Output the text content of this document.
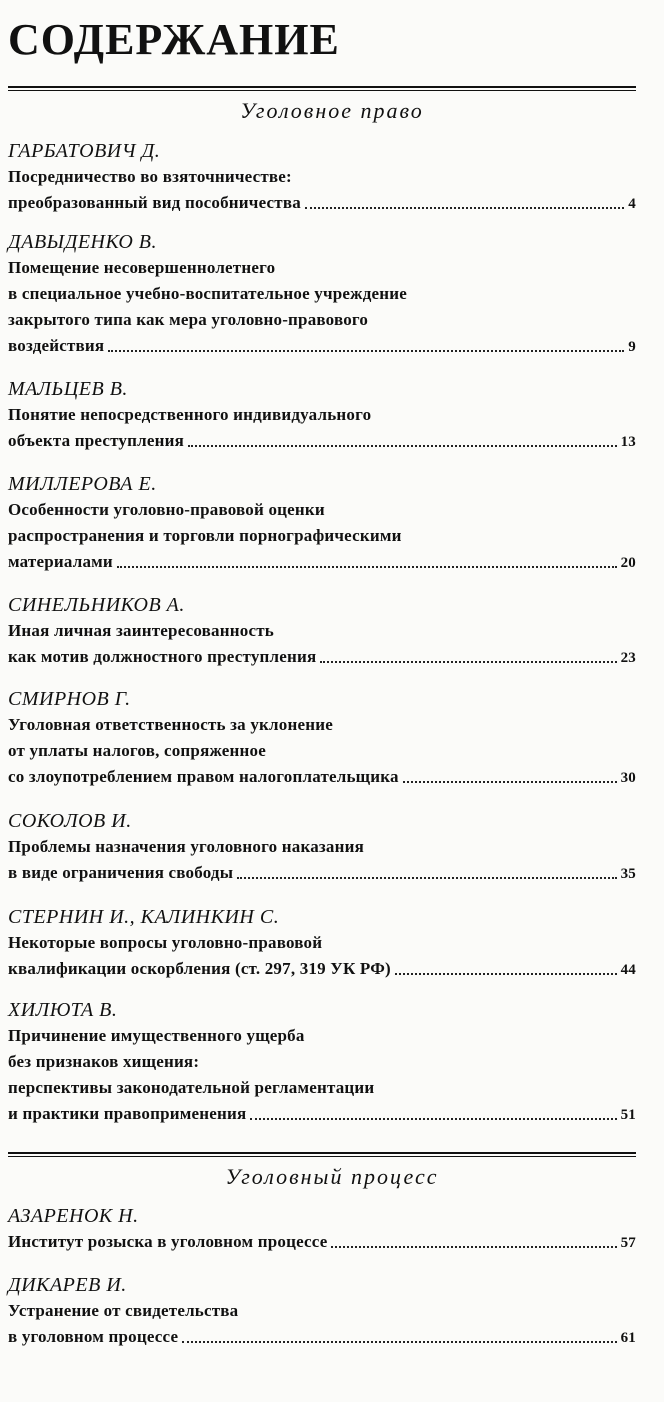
СОДЕРЖАНИЕ
Уголовное право
ГАРБАТОВИЧ Д.
Посредничество во взяточничестве:
преобразованный вид пособничества	4
ДАВЫДЕНКО В.
Помещение несовершеннолетнего
в специальное учебно-воспитательное учреждение
закрытого типа как мера уголовно-правового
воздействия	9
МАЛЬЦЕВ В.
Понятие непосредственного индивидуального
объекта преступления	13
МИЛЛЕРОВА Е.
Особенности уголовно-правовой оценки
распространения и торговли порнографическими
материалами	20
СИНЕЛЬНИКОВ А.
Иная личная заинтересованность
как мотив должностного преступления	23
СМИРНОВ Г.
Уголовная ответственность за уклонение
от уплаты налогов, сопряженное
со злоупотреблением правом налогоплательщика	30
СОКОЛОВ И.
Проблемы назначения уголовного наказания
в виде ограничения свободы	35
СТЕРНИН И., КАЛИНКИН С.
Некоторые вопросы уголовно-правовой
квалификации оскорбления (ст. 297, 319 УК РФ)	44
ХИЛЮТА В.
Причинение имущественного ущерба
без признаков хищения:
перспективы законодательной регламентации
и практики правоприменения	51
Уголовный процесс
АЗАРЕНОК Н.
Институт розыска в уголовном процессе	57
ДИКАРЕВ И.
Устранение от свидетельства
в уголовном процессе	61
